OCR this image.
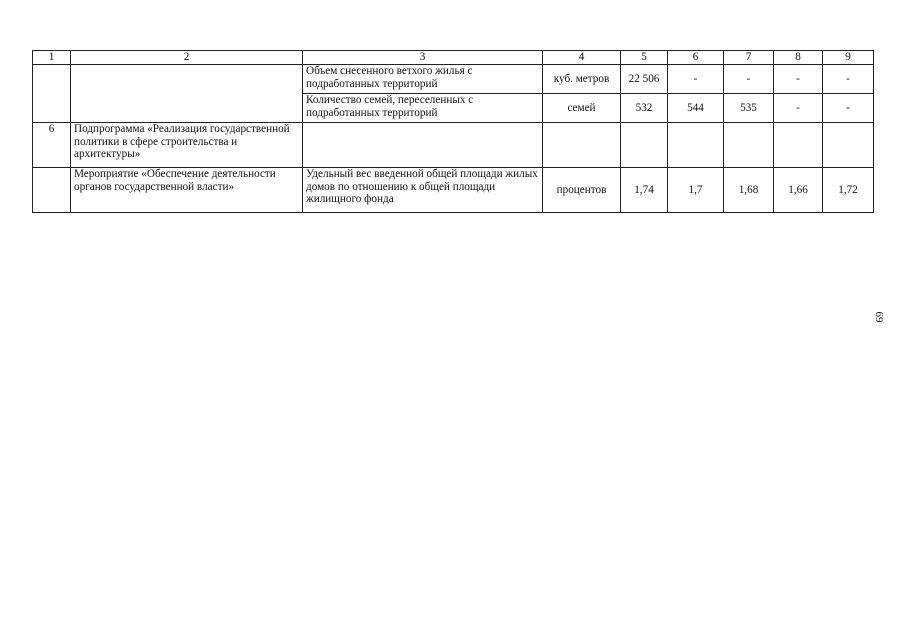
1	2	3	4	5	6	7	8	9
		Объем снесенного ветхого жилья с подработанных территорий	куб. метров	22 506	-	-	-	-
		Количество семей, переселенных с подработанных территорий	семей	532	544	535	-	-
6	Подпрограмма «Реализация государственной политики в сфере строительства и архитектуры»							
	Мероприятие «Обеспечение деятельности органов государственной власти»	Удельный вес введенной общей площади жилых домов по отношению к общей площади жилищного фонда	процентов	1,74	1,7	1,68	1,66	1,72
69
